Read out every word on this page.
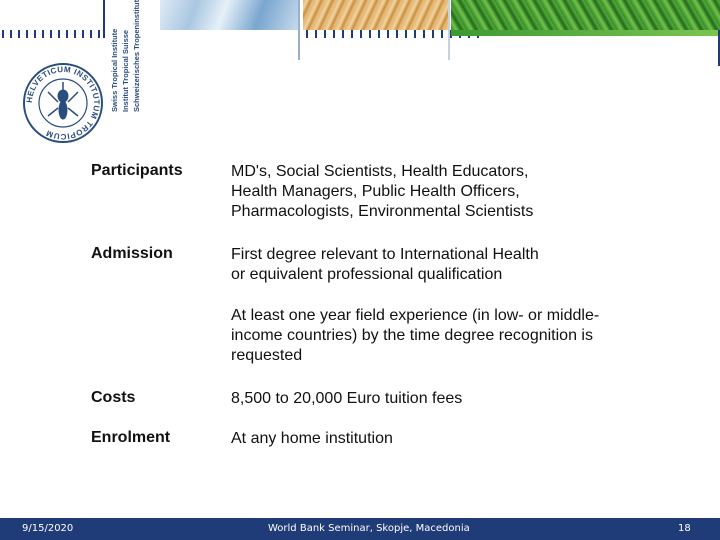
HELVETICUM INSTITUTUM TROPICUM
Swiss Tropical Institute Institut Tropical Suisse Schweizerisches Tropeninstitut
Participants	MD's, Social Scientists, Health Educators,
Health Managers, Public Health Officers,
Pharmacologists, Environmental Scientists
Admission	First degree relevant to International Health
or equivalent professional qualification
At least one year field experience (in low- or middle-
income countries) by the time degree recognition is
requested
Costs	8,500 to 20,000 Euro tuition fees
Enrolment	At any home institution
9/15/2020	World Bank Seminar, Skopje, Macedonia	18
